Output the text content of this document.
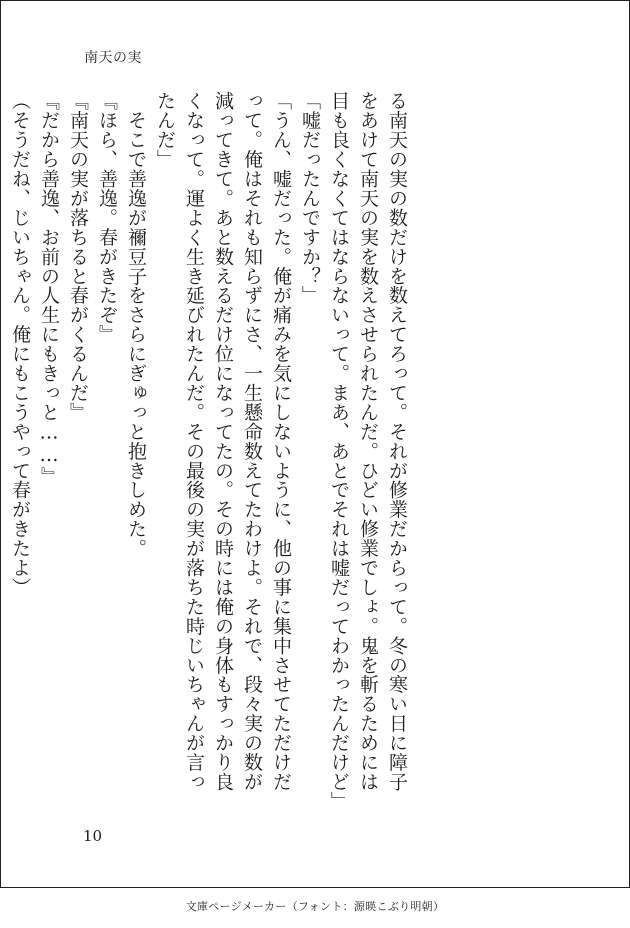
南天の実
る南天の実の数だけを数えてろって。それが修業だからって。冬の寒い日に障子
をあけて南天の実を数えさせられたんだ。ひどい修業でしょ。鬼を斬るためには
目も良くなくてはならないって。まあ、あとでそれは嘘だってわかったんだけど」
「嘘だったんですか？」
「うん、嘘だった。俺が痛みを気にしないように、他の事に集中させてただけだ
って。俺はそれも知らずにさ、一生懸命数えてたわけよ。それで、段々実の数が
減ってきて。あと数えるだけ位になってたの。その時には俺の身体もすっかり良
くなって。運よく生き延びれたんだ。その最後の実が落ちた時じいちゃんが言っ
たんだ」
　そこで善逸が禰豆子をさらにぎゅっと抱きしめた。
『ほら、善逸。春がきたぞ』
『南天の実が落ちると春がくるんだ』
『だから善逸、お前の人生にもきっと……』
（そうだね、じいちゃん。俺にもこうやって春がきたよ）
10
文庫ページメーカー（フォント：源暎こぶり明朝）
